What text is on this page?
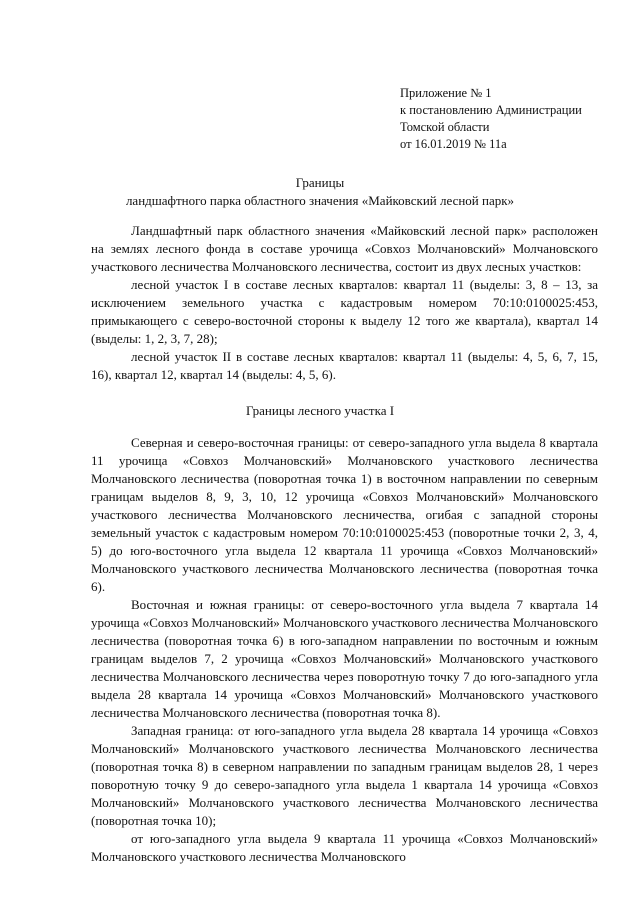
Приложение № 1
к постановлению Администрации
Томской области
от 16.01.2019 № 11а
Границы
ландшафтного парка областного значения «Майковский лесной парк»

Ландшафтный парк областного значения «Майковский лесной парк» расположен на землях лесного фонда в составе урочища «Совхоз Молчановский» Молчановского участкового лесничества Молчановского лесничества, состоит из двух лесных участков:

лесной участок I в составе лесных кварталов: квартал 11 (выделы: 3, 8 – 13, за исключением земельного участка с кадастровым номером 70:10:0100025:453, примыкающего с северо-восточной стороны к выделу 12 того же квартала), квартал 14 (выделы: 1, 2, 3, 7, 28);

лесной участок II в составе лесных кварталов: квартал 11 (выделы: 4, 5, 6, 7, 15, 16), квартал 12, квартал 14 (выделы: 4, 5, 6).

Границы лесного участка I

Северная и северо-восточная границы: от северо-западного угла выдела 8 квартала 11 урочища «Совхоз Молчановский» Молчановского участкового лесничества Молчановского лесничества (поворотная точка 1) в восточном направлении по северным границам выделов 8, 9, 3, 10, 12 урочища «Совхоз Молчановский» Молчановского участкового лесничества Молчановского лесничества, огибая с западной стороны земельный участок с кадастровым номером 70:10:0100025:453 (поворотные точки 2, 3, 4, 5) до юго-восточного угла выдела 12 квартала 11 урочища «Совхоз Молчановский» Молчановского участкового лесничества Молчановского лесничества (поворотная точка 6).

Восточная и южная границы: от северо-восточного угла выдела 7 квартала 14 урочища «Совхоз Молчановский» Молчановского участкового лесничества Молчановского лесничества (поворотная точка 6) в юго-западном направлении по восточным и южным границам выделов 7, 2 урочища «Совхоз Молчановский» Молчановского участкового лесничества Молчановского лесничества через поворотную точку 7 до юго-западного угла выдела 28 квартала 14 урочища «Совхоз Молчановский» Молчановского участкового лесничества Молчановского лесничества (поворотная точка 8).

Западная граница: от юго-западного угла выдела 28 квартала 14 урочища «Совхоз Молчановский» Молчановского участкового лесничества Молчановского лесничества (поворотная точка 8) в северном направлении по западным границам выделов 28, 1 через поворотную точку 9 до северо-западного угла выдела 1 квартала 14 урочища «Совхоз Молчановский» Молчановского участкового лесничества Молчановского лесничества (поворотная точка 10);

от юго-западного угла выдела 9 квартала 11 урочища «Совхоз Молчановский» Молчановского участкового лесничества Молчановского
